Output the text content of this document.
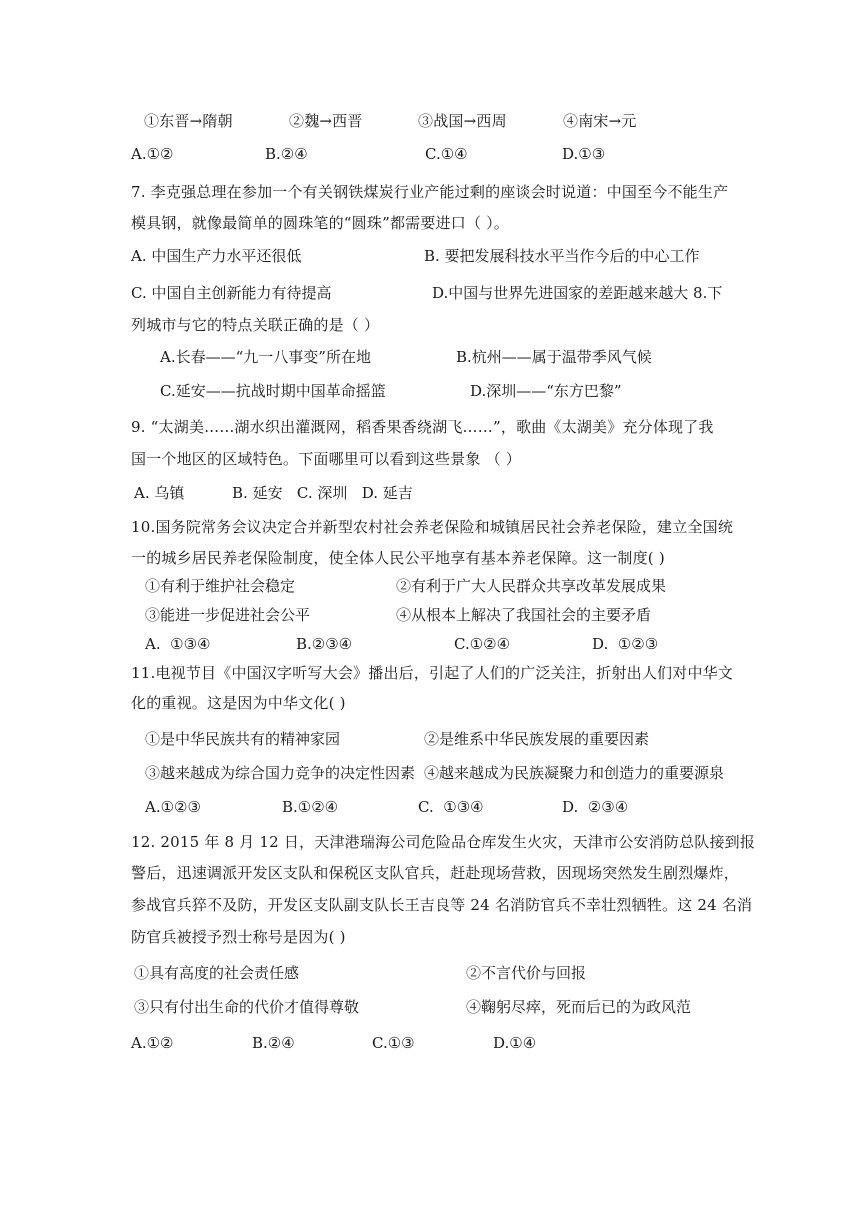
①东晋→隋朝	②魏→西晋	③战国→西周	④南宋→元
A.①②	B.②④	C.①④	D.①③
7. 李克强总理在参加一个有关钢铁煤炭行业产能过剩的座谈会时说道：中国至今不能生产
模具钢，就像最简单的圆珠笔的“圆珠”都需要进口（ ）。
A. 中国生产力水平还很低	B. 要把发展科技水平当作今后的中心工作
C. 中国自主创新能力有待提高	D.中国与世界先进国家的差距越来越大 8.下
列城市与它的特点关联正确的是（ ）
A.长春——“九一八事变”所在地	B.杭州——属于温带季风气候
C.延安——抗战时期中国革命摇篮	D.深圳——“东方巴黎”
9. “太湖美……湖水织出灌溉网，稻香果香绕湖飞……”，歌曲《太湖美》充分体现了我
国一个地区的区域特色。下面哪里可以看到这些景象 （ ）
A. 乌镇          B. 延安   C. 深圳   D. 延吉
10.国务院常务会议决定合并新型农村社会养老保险和城镇居民社会养老保险，建立全国统
一的城乡居民养老保险制度，使全体人民公平地享有基本养老保障。这一制度( )
①有利于维护社会稳定	②有利于广大人民群众共享改革发展成果
③能进一步促进社会公平	④从根本上解决了我国社会的主要矛盾
A.  ①③④	B.②③④	C.①②④	D.  ①②③
11.电视节目《中国汉字听写大会》播出后，引起了人们的广泛关注，折射出人们对中华文
化的重视。这是因为中华文化( )
①是中华民族共有的精神家园	②是维系中华民族发展的重要因素
③越来越成为综合国力竞争的决定性因素 ④越来越成为民族凝聚力和创造力的重要源泉
A.①②③	B.①②④	C.  ①③④	D.  ②③④
12. 2015 年 8 月 12 日，天津港瑞海公司危险品仓库发生火灾，天津市公安消防总队接到报
警后，迅速调派开发区支队和保税区支队官兵，赶赴现场营救，因现场突然发生剧烈爆炸，
参战官兵猝不及防，开发区支队副支队长王吉良等 24 名消防官兵不幸壮烈牺牲。这 24 名消
防官兵被授予烈士称号是因为( )
①具有高度的社会责任感	②不言代价与回报
③只有付出生命的代价才值得尊敬	④鞠躬尽瘁，死而后已的为政风范
A.①②	B.②④	C.①③	D.①④
